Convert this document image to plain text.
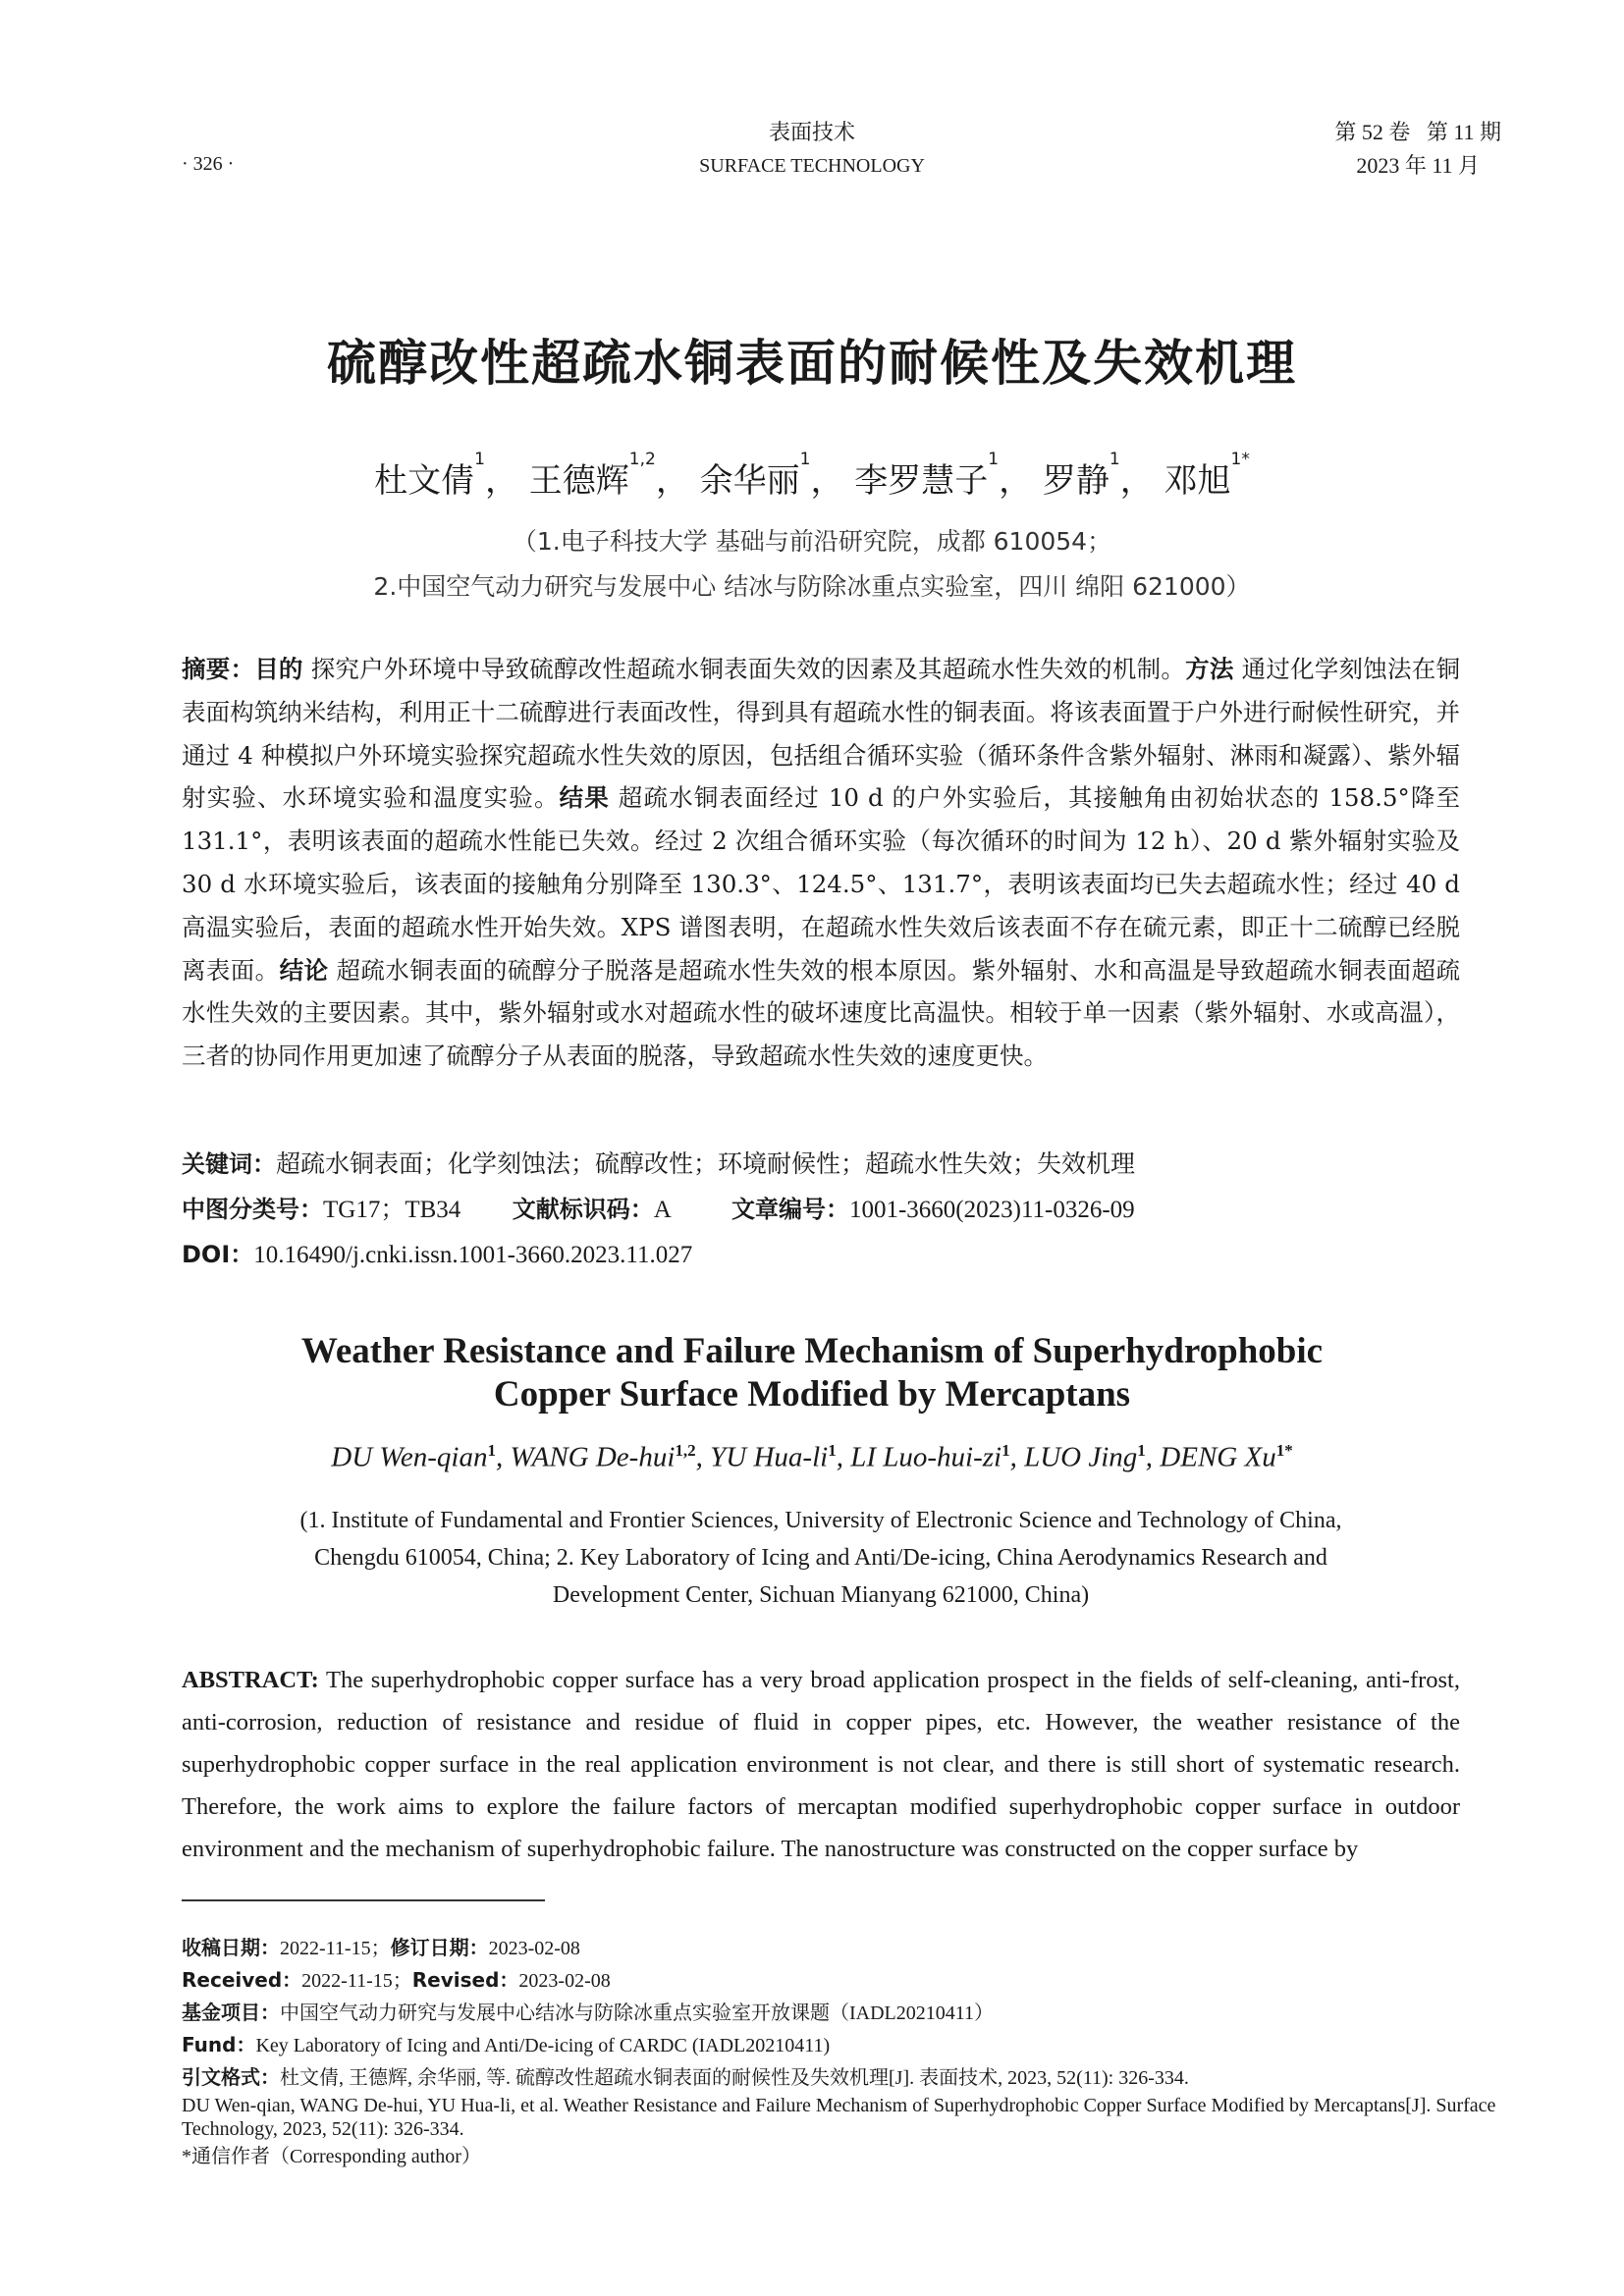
· 326 ·
表面技术
SURFACE TECHNOLOGY
第 52 卷   第 11 期
2023 年 11 月
硫醇改性超疏水铜表面的耐候性及失效机理
杜文倩$^1$， 王德辉$^{1,2}$， 余华丽$^1$， 李罗慧子$^1$， 罗静$^1$， 邓旭$^{1*}$
（1.电子科技大学 基础与前沿研究院，成都 610054；
2.中国空气动力研究与发展中心 结冰与防除冰重点实验室，四川 绵阳 621000）
摘要：目的 探究户外环境中导致硫醇改性超疏水铜表面失效的因素及其超疏水性失效的机制。方法 通过化学刻蚀法在铜表面构筑纳米结构，利用正十二硫醇进行表面改性，得到具有超疏水性的铜表面。将该表面置于户外进行耐候性研究，并通过 4 种模拟户外环境实验探究超疏水性失效的原因，包括组合循环实验（循环条件含紫外辐射、淋雨和凝露）、紫外辐射实验、水环境实验和温度实验。结果 超疏水铜表面经过 10 d 的户外实验后，其接触角由初始状态的 158.5°降至 131.1°，表明该表面的超疏水性能已失效。经过 2 次组合循环实验（每次循环的时间为 12 h）、20 d 紫外辐射实验及 30 d 水环境实验后，该表面的接触角分别降至 130.3°、124.5°、131.7°，表明该表面均已失去超疏水性；经过 40 d 高温实验后，表面的超疏水性开始失效。XPS 谱图表明，在超疏水性失效后该表面不存在硫元素，即正十二硫醇已经脱离表面。结论 超疏水铜表面的硫醇分子脱落是超疏水性失效的根本原因。紫外辐射、水和高温是导致超疏水铜表面超疏水性失效的主要因素。其中，紫外辐射或水对超疏水性的破坏速度比高温快。相较于单一因素（紫外辐射、水或高温），三者的协同作用更加速了硫醇分子从表面的脱落，导致超疏水性失效的速度更快。
关键词：超疏水铜表面；化学刻蚀法；硫醇改性；环境耐候性；超疏水性失效；失效机理
中图分类号：TG17；TB34 文献标识码：A	文章编号：1001-3660(2023)11-0326-09
DOI：10.16490/j.cnki.issn.1001-3660.2023.11.027
Weather Resistance and Failure Mechanism of Superhydrophobic
Copper Surface Modified by Mercaptans
DU Wen-qian$^1$, WANG De-hui$^{1,2}$, YU Hua-$li^1$, LI Luo-$hui-zi^1$, LUO Jing$^1$, DENG $Xu^{1*}$
(1. Institute of Fundamental and Frontier Sciences, University of Electronic Science and Technology of China,
Chengdu 610054, China; 2. Key Laboratory of Icing and Anti/De-icing, China Aerodynamics Research and
Development Center, Sichuan Mianyang 621000, China)
ABSTRACT: The superhydrophobic copper surface has a very broad application prospect in the fields of self-cleaning, anti-frost, anti-corrosion, reduction of resistance and residue of fluid in copper pipes, etc. However, the weather resistance of the superhydrophobic copper surface in the real application environment is not clear, and there is still short of systematic research. Therefore, the work aims to explore the failure factors of mercaptan modified superhydrophobic copper surface in outdoor environment and the mechanism of superhydrophobic failure. The nanostructure was constructed on the copper surface by
收稿日期：2022-11-15；修订日期：2023-02-08
Received：2022-11-15；Revised：2023-02-08
基金项目：中国空气动力研究与发展中心结冰与防除冰重点实验室开放课题（IADL20210411）
Fund：Key Laboratory of Icing and Anti/De-icing of CARDC (IADL20210411)
引文格式：杜文倩, 王德辉, 余华丽, 等. 硫醇改性超疏水铜表面的耐候性及失效机理[J]. 表面技术, 2023, 52(11): 326-334.
DU Wen-qian, WANG De-hui, YU Hua-li, et al. Weather Resistance and Failure Mechanism of Superhydrophobic Copper Surface Modified by Mercaptans[J]. Surface Technology, 2023, 52(11): 326-334.
*通信作者（Corresponding author）
